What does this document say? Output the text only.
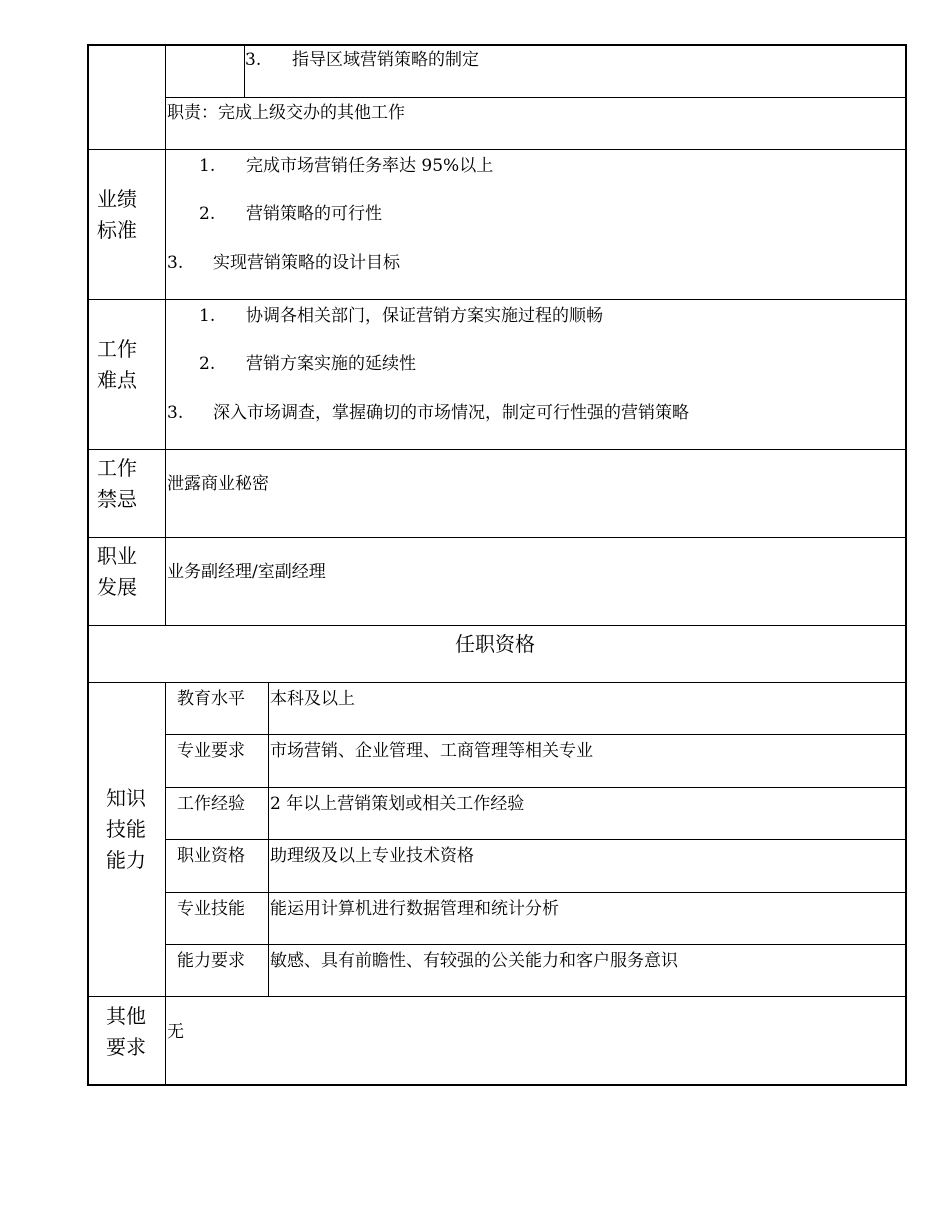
3. 指导区域营销策略的制定
职责：完成上级交办的其他工作
业绩
标准
1. 完成市场营销任务率达 95%以上
2. 营销策略的可行性
3. 实现营销策略的设计目标
工作
难点
1. 协调各相关部门，保证营销方案实施过程的顺畅
2. 营销方案实施的延续性
3. 深入市场调查，掌握确切的市场情况，制定可行性强的营销策略
工作
禁忌
泄露商业秘密
职业
发展
业务副经理/室副经理
任职资格
知识
技能
能力
教育水平 本科及以上
专业要求 市场营销、企业管理、工商管理等相关专业
工作经验 2 年以上营销策划或相关工作经验
职业资格 助理级及以上专业技术资格
专业技能 能运用计算机进行数据管理和统计分析
能力要求 敏感、具有前瞻性、有较强的公关能力和客户服务意识
其他
要求
无
